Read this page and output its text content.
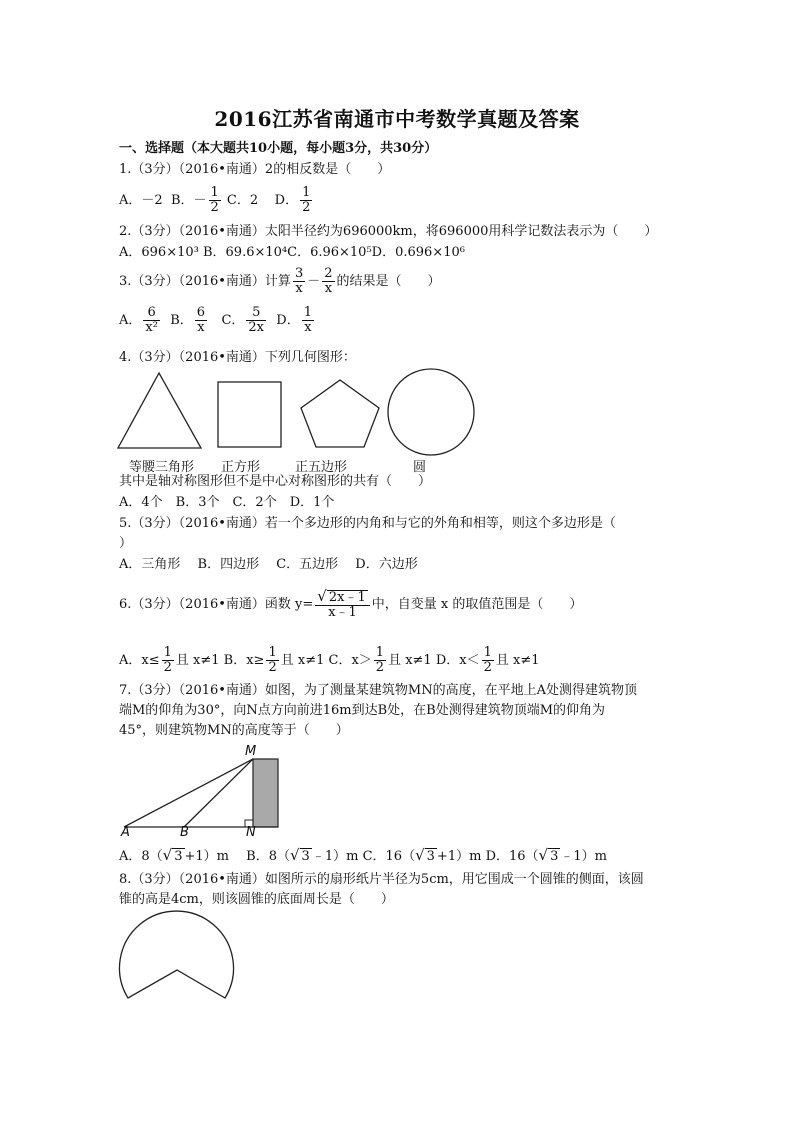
2016江苏省南通市中考数学真题及答案
一、选择题（本大题共10小题，每小题3分，共30分）
1.（3分）（2016•南通）2的相反数是（　　）
A．－2 B．－ $\frac{1}{2}$ C．2 D． $\frac{1}{2}$
2.（3分）（2016•南通）太阳半径约为696000km，将696000用科学记数法表示为（　　）
A．696×10³ B．69.6×10⁴C．6.96×10⁵D．0.696×10⁶
3.（3分）（2016•南通）计算 $\frac{3}{x} - \frac{2}{x}$ 的结果是（　　）
A． $\frac{6}{\text{x²}}$ B． $\frac{6}{x}$ C． $\frac{5}{2x}$ D． $\frac{1}{x}$
4.（3分）（2016•南通）下列几何图形：
等腰三角形 正方形	正五边形	圆
其中是轴对称图形但不是中心对称图形的共有（　　）
A．4个　B．3个　C．2个　D．1个
5.（3分）（2016•南通）若一个多边形的内角和与它的外角和相等，则这个多边形是（
）
A．三角形　 B．四边形　 C．五边形　 D．六边形
6.（3分）（2016•南通）函数 $y= \frac{√ 2x﹣1}{x﹣1}$ 中，自变量 x 的取值范围是（　　）
A．$x\le \frac{1}{2}$ 且 x≠1 B．$x\ge \frac{1}{2}$ 且 x≠1 C．$x> \frac{1}{2}$ 且 x≠1 D．$x< \frac{1}{2}$ 且 x≠1
7.（3分）（2016•南通）如图，为了测量某建筑物MN的高度，在平地上A处测得建筑物顶
端M的仰角为30°，向N点方向前进16m到达B处，在B处测得建筑物顶端M的仰角为
45°，则建筑物MN的高度等于（　　）
M
A	B	N
A．8（√ 3 +1）m　 B．8（√ 3 ﹣1）m C．16（√ 3 +1）m D．16（√ 3 ﹣1）m
8.（3分）（2016•南通）如图所示的扇形纸片半径为5cm，用它围成一个圆锥的侧面，该圆
锥的高是4cm，则该圆锥的底面周长是（　　）
